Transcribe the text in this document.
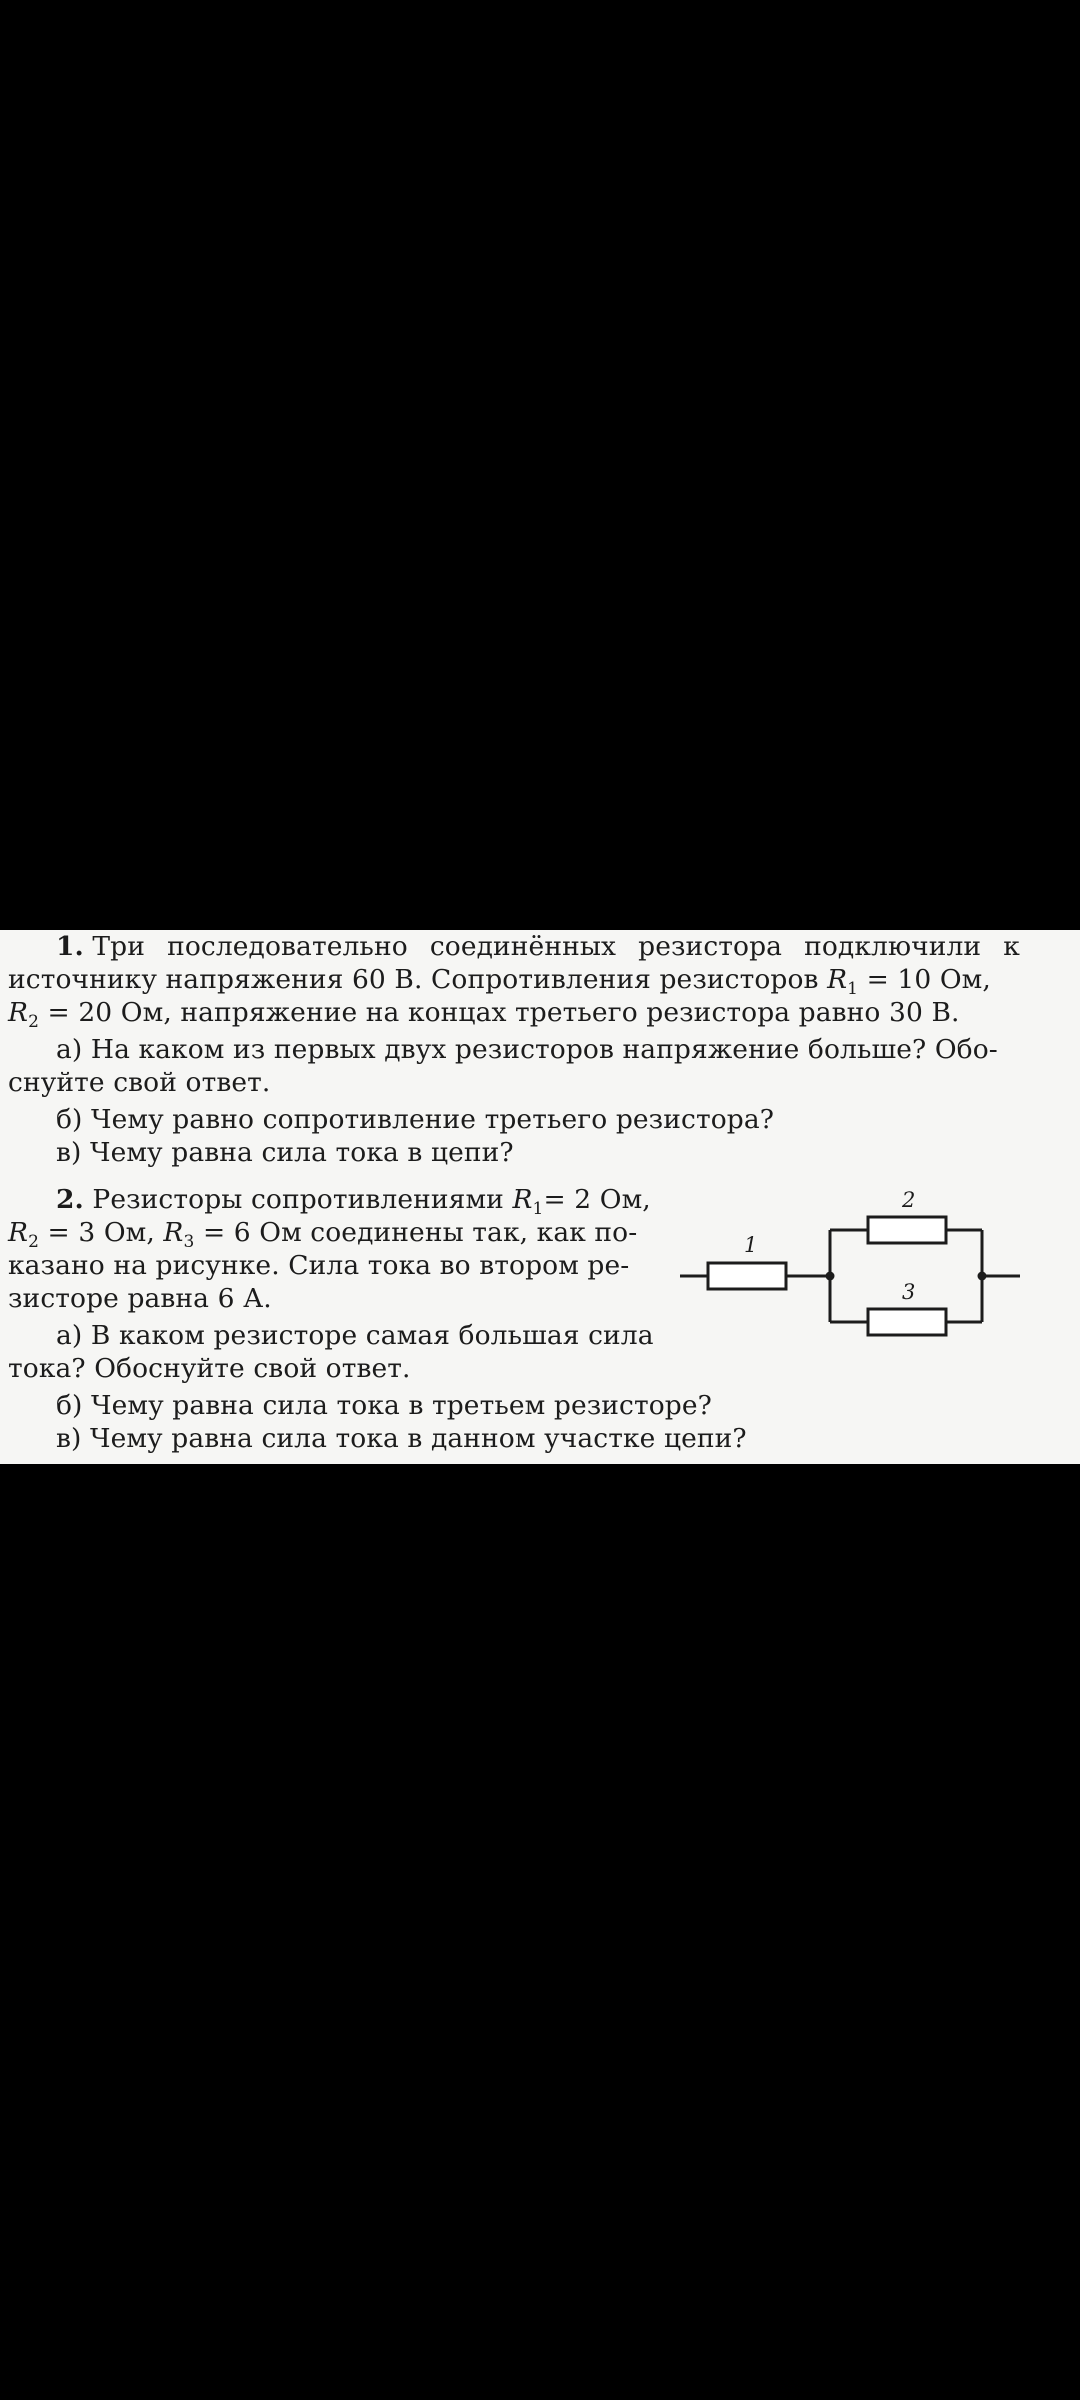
1. Три последовательно соединённых резистора подключили к
источнику напряжения 60 В. Сопротивления резисторов $R_1 = 10$ Ом,
$R_2 = 20$ Ом, напряжение на концах третьего резистора равно 30 В.
а) На каком из первых двух резисторов напряжение больше? Обо-
снуйте свой ответ.
б) Чему равно сопротивление третьего резистора?
в) Чему равна сила тока в цепи?
2. Резисторы сопротивлениями $R_1= 2$ Ом,
$R_2 = 3$ Ом, $R_3 = 6$ Ом соединены так, как по-
казано на рисунке. Сила тока во втором ре-
зисторе равна 6 А.
а) В каком резисторе самая большая сила
тока? Обоснуйте свой ответ.
б) Чему равна сила тока в третьем резисторе?
в) Чему равна сила тока в данном участке цепи?
1
2
3
